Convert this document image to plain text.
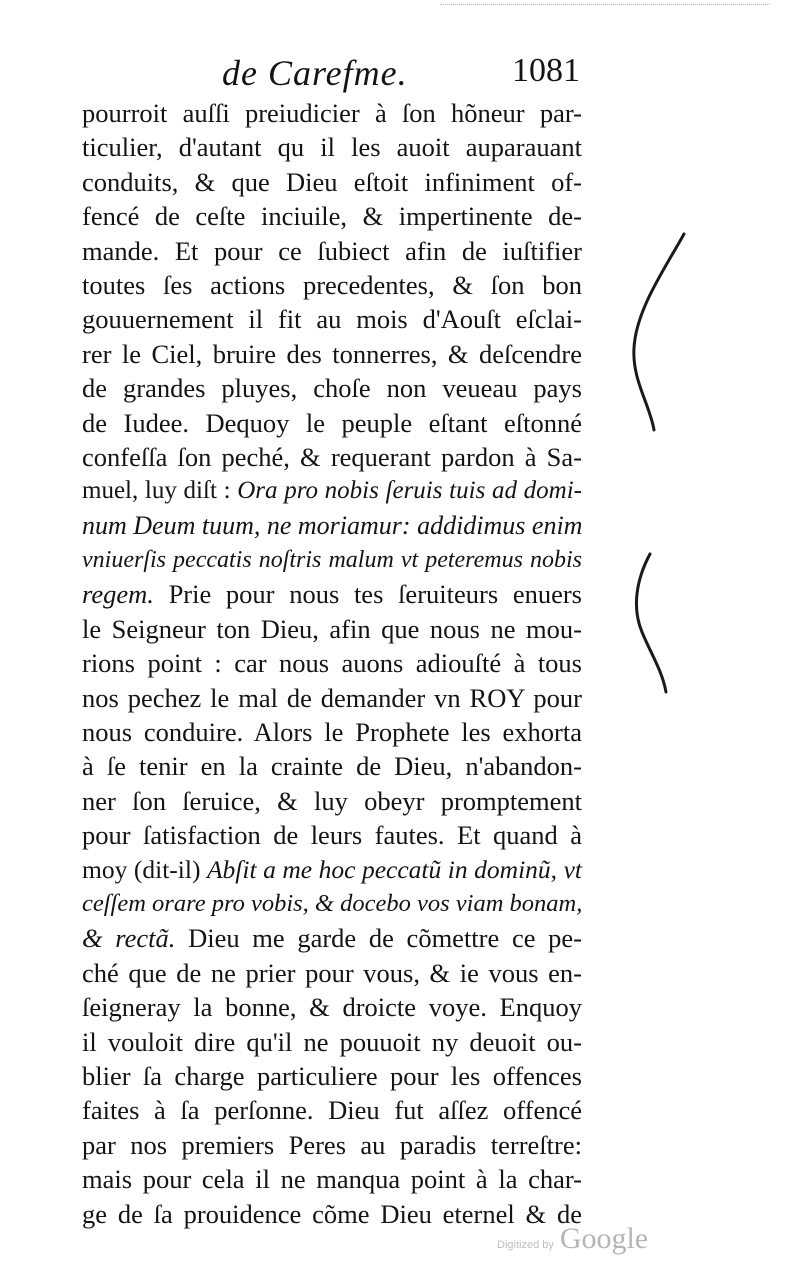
de Carefme.	1081
pourroit auſſi preiudicier à ſon hõneur par-
ticulier, d'autant qu il les auoit auparauant
conduits, & que Dieu eſtoit infiniment of-
fencé de ceſte inciuile, & impertinente de-
mande. Et pour ce ſubiect afin de iuſtifier
toutes ſes actions precedentes, & ſon bon
gouuernement il fit au mois d'Aouſt eſclai-
rer le Ciel, bruire des tonnerres, & deſcendre
de grandes pluyes, choſe non veueau pays
de Iudee. Dequoy le peuple eſtant eſtonné
confeſſa ſon peché, & requerant pardon à Sa-
muel, luy diſt : Ora pro nobis ſeruis tuis ad domi-
num Deum tuum, ne moriamur: addidimus enim
vniuerſis peccatis noſtris malum vt peteremus nobis
regem. Prie pour nous tes ſeruiteurs enuers
le Seigneur ton Dieu, afin que nous ne mou-
rions point : car nous auons adiouſté à tous
nos pechez le mal de demander vn ROY pour
nous conduire. Alors le Prophete les exhorta
à ſe tenir en la crainte de Dieu, n'abandon-
ner ſon ſeruice, & luy obeyr promptement
pour ſatisfaction de leurs fautes. Et quand à
moy (dit-il) Abſit a me hoc peccatũ in dominũ, vt
ceſſem orare pro vobis, & docebo vos viam bonam,
& rectã. Dieu me garde de cõmettre ce pe-
ché que de ne prier pour vous, & ie vous en-
ſeigneray la bonne, & droicte voye. Enquoy
il vouloit dire qu'il ne pouuoit ny deuoit ou-
blier ſa charge particuliere pour les offences
faites à ſa perſonne. Dieu fut aſſez offencé
par nos premiers Peres au paradis terreſtre:
mais pour cela il ne manqua point à la char-
ge de ſa prouidence cõme Dieu eternel & de
Digitized by Google
